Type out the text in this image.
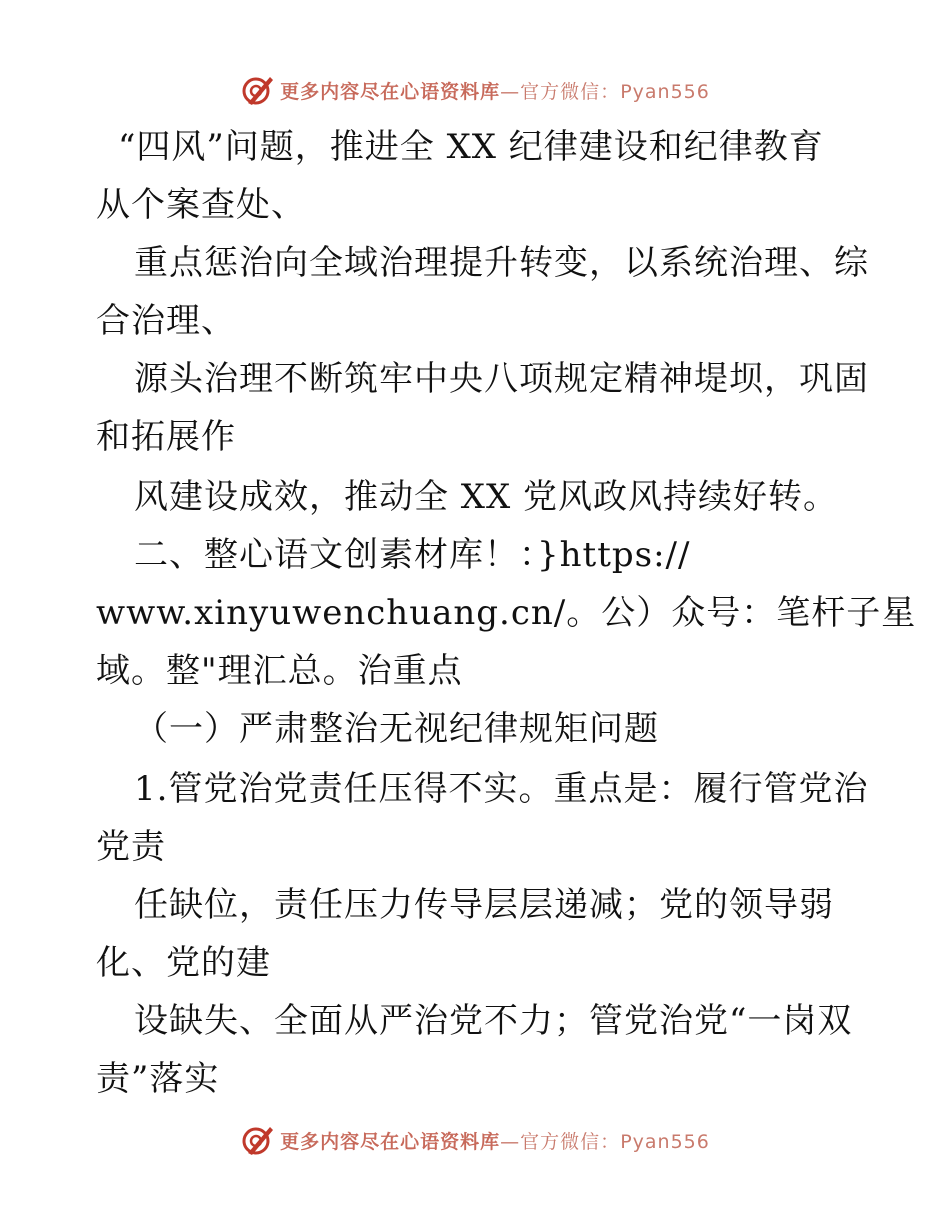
更多内容尽在心语资料库—官方微信：Pyan556
“四风”问题，推进全 XX 纪律建设和纪律教育
从个案查处、
重点惩治向全域治理提升转变，以系统治理、综
合治理、
源头治理不断筑牢中央八项规定精神堤坝，巩固
和拓展作
风建设成效，推动全 XX 党风政风持续好转。
二、整心语文创素材库！：}https://
www.xinyuwenchuang.cn/。公）众号：笔杆子星
域。整"理汇总。治重点
（一）严肃整治无视纪律规矩问题
1.管党治党责任压得不实。重点是：履行管党治
党责
任缺位，责任压力传导层层递减；党的领导弱
化、党的建
设缺失、全面从严治党不力；管党治党“一岗双
责”落实
更多内容尽在心语资料库—官方微信：Pyan556
